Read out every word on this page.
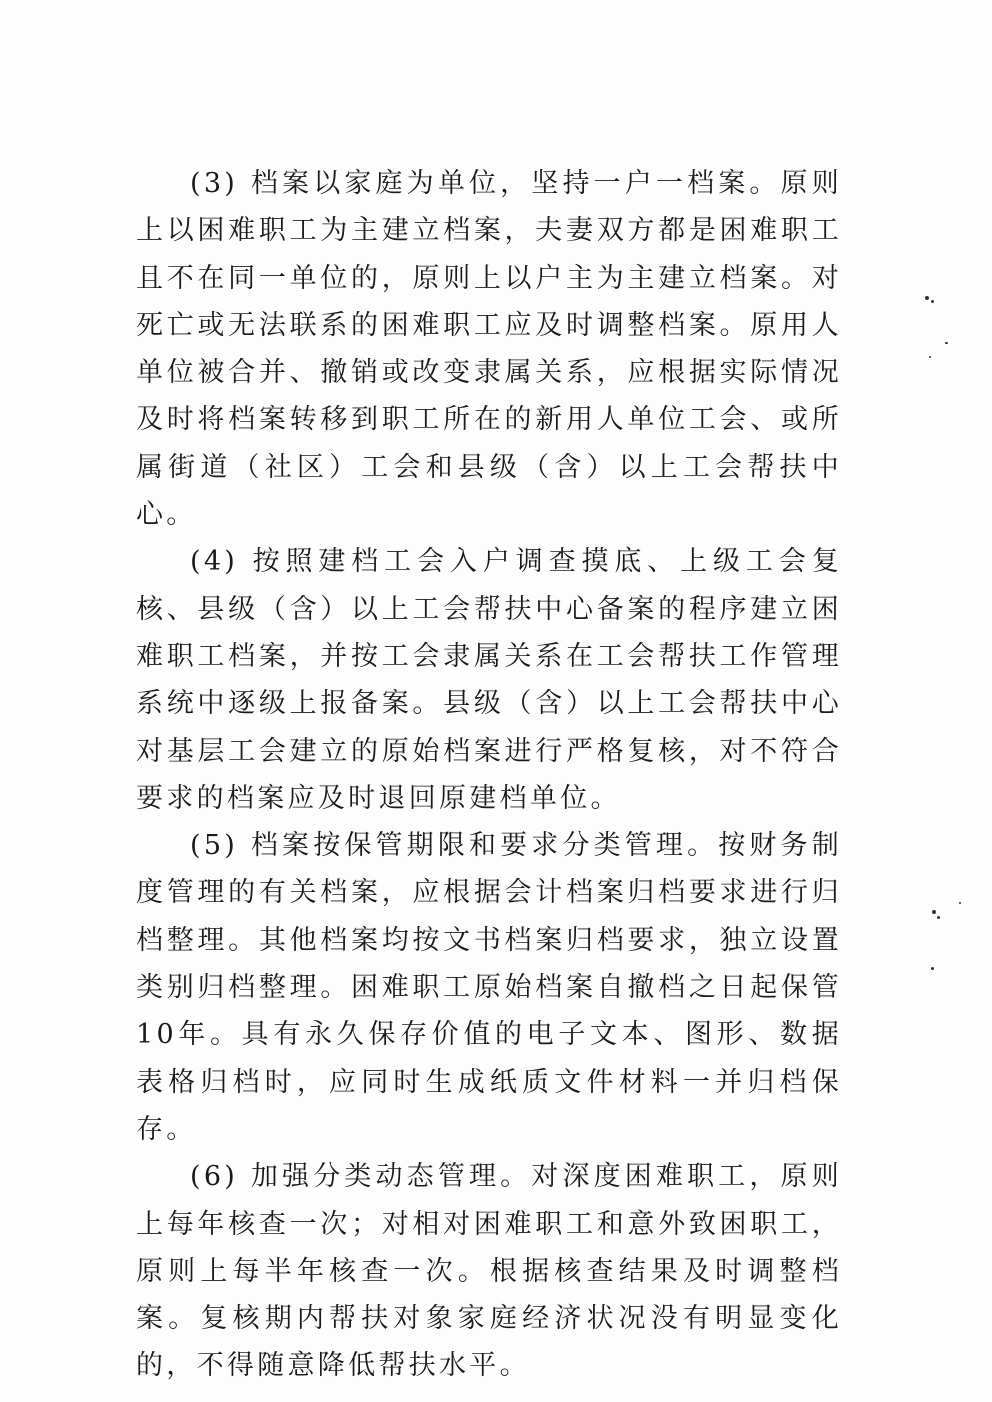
(3) 档案以家庭为单位，坚持一户一档案。原则上以困难职工为主建立档案，夫妻双方都是困难职工且不在同一单位的，原则上以户主为主建立档案。对死亡或无法联系的困难职工应及时调整档案。原用人单位被合并、撤销或改变隶属关系，应根据实际情况及时将档案转移到职工所在的新用人单位工会、或所属街道（社区）工会和县级（含）以上工会帮扶中心。

(4) 按照建档工会入户调查摸底、上级工会复核、县级（含）以上工会帮扶中心备案的程序建立困难职工档案，并按工会隶属关系在工会帮扶工作管理系统中逐级上报备案。县级（含）以上工会帮扶中心对基层工会建立的原始档案进行严格复核，对不符合要求的档案应及时退回原建档单位。

(5) 档案按保管期限和要求分类管理。按财务制度管理的有关档案，应根据会计档案归档要求进行归档整理。其他档案均按文书档案归档要求，独立设置类别归档整理。困难职工原始档案自撤档之日起保管10年。具有永久保存价值的电子文本、图形、数据表格归档时，应同时生成纸质文件材料一并归档保存。

(6) 加强分类动态管理。对深度困难职工，原则上每年核查一次；对相对困难职工和意外致困职工，原则上每半年核查一次。根据核查结果及时调整档案。复核期内帮扶对象家庭经济状况没有明显变化的，不得随意降低帮扶水平。
